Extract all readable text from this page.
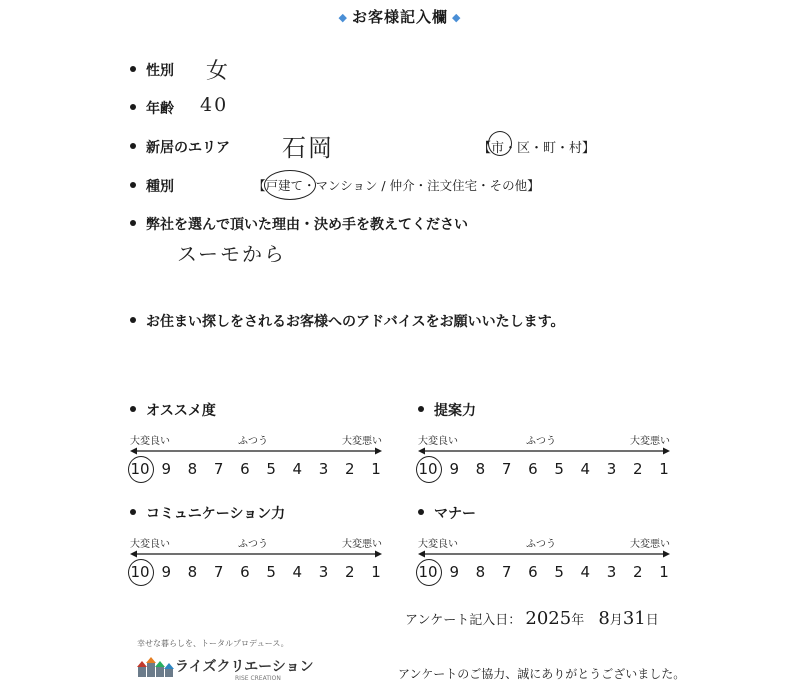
◆ お客様記入欄 ◆
性別 女
年齢 40
新居のエリア 石岡	【市・区・町・村】
種別	【戸建て・マンション / 仲介・注文住宅・その他】
弊社を選んで頂いた理由・決め手を教えてください
スーモから
お住まい探しをされるお客様へのアドバイスをお願いいたします。
オススメ度
大変良い	ふつう	大変悪い
10 9 8 7 6 5 4 3 2 1
提案力
大変良い	ふつう	大変悪い
10 9 8 7 6 5 4 3 2 1
コミュニケーション力
大変良い	ふつう	大変悪い
10 9 8 7 6 5 4 3 2 1
マナー
大変良い	ふつう	大変悪い
10 9 8 7 6 5 4 3 2 1
アンケート記入日： 2025年 8月31日
アンケートのご協力、誠にありがとうございました。
幸せな暮らしを、トータルプロデュース。
ライズクリエーション
RISE CREATION
